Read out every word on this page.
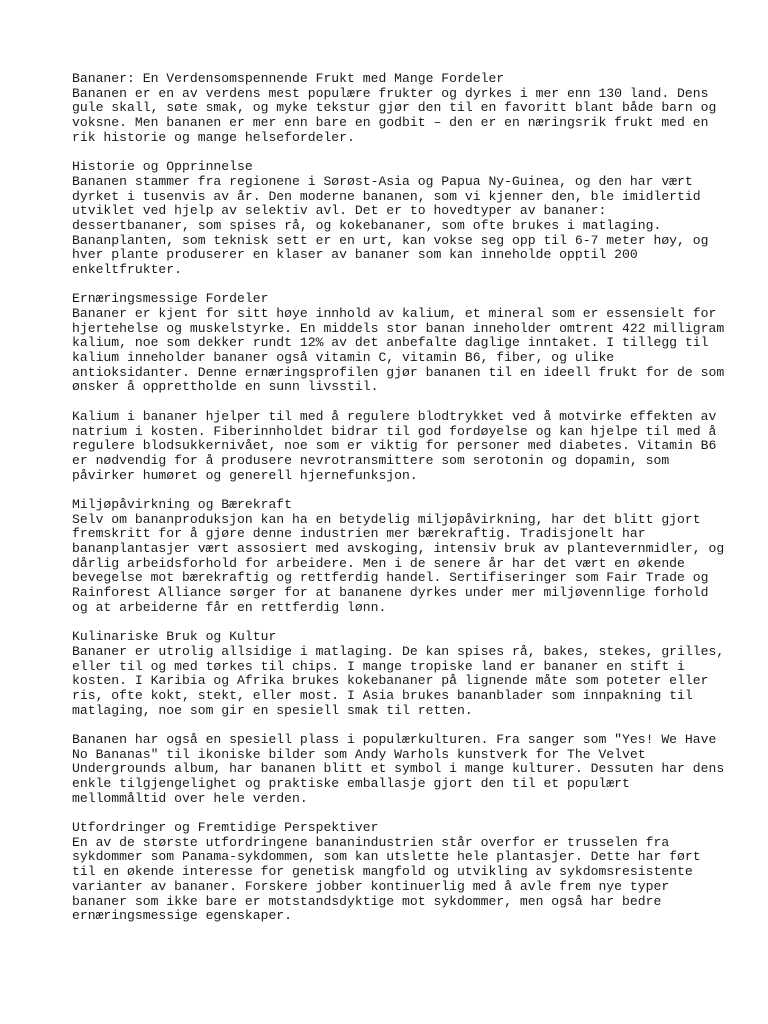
Bananer: En Verdensomspennende Frukt med Mange Fordeler
Bananen er en av verdens mest populære frukter og dyrkes i mer enn 130 land. Dens
gule skall, søte smak, og myke tekstur gjør den til en favoritt blant både barn og
voksne. Men bananen er mer enn bare en godbit – den er en næringsrik frukt med en
rik historie og mange helsefordeler.
Historie og Opprinnelse
Bananen stammer fra regionene i Sørøst-Asia og Papua Ny-Guinea, og den har vært
dyrket i tusenvis av år. Den moderne bananen, som vi kjenner den, ble imidlertid
utviklet ved hjelp av selektiv avl. Det er to hovedtyper av bananer:
dessertbananer, som spises rå, og kokebananer, som ofte brukes i matlaging.
Bananplanten, som teknisk sett er en urt, kan vokse seg opp til 6-7 meter høy, og
hver plante produserer en klaser av bananer som kan inneholde opptil 200
enkeltfrukter.
Ernæringsmessige Fordeler
Bananer er kjent for sitt høye innhold av kalium, et mineral som er essensielt for
hjertehelse og muskelstyrke. En middels stor banan inneholder omtrent 422 milligram
kalium, noe som dekker rundt 12% av det anbefalte daglige inntaket. I tillegg til
kalium inneholder bananer også vitamin C, vitamin B6, fiber, og ulike
antioksidanter. Denne ernæringsprofilen gjør bananen til en ideell frukt for de som
ønsker å opprettholde en sunn livsstil.
Kalium i bananer hjelper til med å regulere blodtrykket ved å motvirke effekten av
natrium i kosten. Fiberinnholdet bidrar til god fordøyelse og kan hjelpe til med å
regulere blodsukkernivået, noe som er viktig for personer med diabetes. Vitamin B6
er nødvendig for å produsere nevrotransmittere som serotonin og dopamin, som
påvirker humøret og generell hjernefunksjon.
Miljøpåvirkning og Bærekraft
Selv om bananproduksjon kan ha en betydelig miljøpåvirkning, har det blitt gjort
fremskritt for å gjøre denne industrien mer bærekraftig. Tradisjonelt har
bananplantasjer vært assosiert med avskoging, intensiv bruk av plantevernmidler, og
dårlig arbeidsforhold for arbeidere. Men i de senere år har det vært en økende
bevegelse mot bærekraftig og rettferdig handel. Sertifiseringer som Fair Trade og
Rainforest Alliance sørger for at bananene dyrkes under mer miljøvennlige forhold
og at arbeiderne får en rettferdig lønn.
Kulinariske Bruk og Kultur
Bananer er utrolig allsidige i matlaging. De kan spises rå, bakes, stekes, grilles,
eller til og med tørkes til chips. I mange tropiske land er bananer en stift i
kosten. I Karibia og Afrika brukes kokebananer på lignende måte som poteter eller
ris, ofte kokt, stekt, eller most. I Asia brukes bananblader som innpakning til
matlaging, noe som gir en spesiell smak til retten.
Bananen har også en spesiell plass i populærkulturen. Fra sanger som "Yes! We Have
No Bananas" til ikoniske bilder som Andy Warhols kunstverk for The Velvet
Undergrounds album, har bananen blitt et symbol i mange kulturer. Dessuten har dens
enkle tilgjengelighet og praktiske emballasje gjort den til et populært
mellommåltid over hele verden.
Utfordringer og Fremtidige Perspektiver
En av de største utfordringene bananindustrien står overfor er trusselen fra
sykdommer som Panama-sykdommen, som kan utslette hele plantasjer. Dette har ført
til en økende interesse for genetisk mangfold og utvikling av sykdomsresistente
varianter av bananer. Forskere jobber kontinuerlig med å avle frem nye typer
bananer som ikke bare er motstandsdyktige mot sykdommer, men også har bedre
ernæringsmessige egenskaper.
